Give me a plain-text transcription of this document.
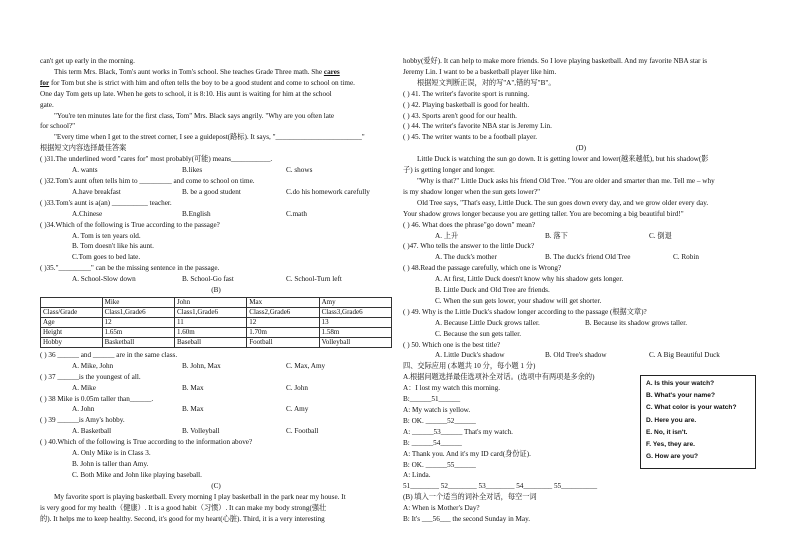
can't get up early in the morning.
This term Mrs. Black, Tom's aunt works in Tom's school. She teaches Grade Three math. She cares
for for Tom but she is strict with him and often tells the boy to be a good student and come to school on time.
One day Tom gets up late. When he gets to school, it is 8:10. His aunt is waiting for him at the school
gate.
"You're ten minutes late for the first class, Tom" Mrs. Black says angrily. "Why are you often late
for school?"
"Every time when I get to the street corner, I see a guidepost(路标). It says, "________________________"
根据短文内容选择最佳答案
( )31.The underlined word "cares for" most probably(可能) means___________.
A. wants	B.likes	C. shows
( )32.Tom's aunt often tells him to _________ and come to school on time.
A.have breakfast	B. be a good student	C.do his homework carefully
( )33.Tom's aunt is a(an) __________ teacher.
A.Chinese	B.English	C.math
( )34.Which of the following is True according to the passage?
A. Tom is ten years old.
B. Tom doesn't like his aunt.
C.Tom goes to bed late.
( )35."_________" can be the missing sentence in the passage.
A. School-Slow down	B. School-Go fast	C. School-Turn left
(B)
	Mike	John	Max	Amy
Class/Grade	Class1,Grade6	Class1,Grade6	Class2,Grade6	Class3,Grade6
Age	12	11	12	13
Height	1.65m	1.60m	1.70m	1.58m
Hobby	Basketball	Baseball	Football	Volleyball
( ) 36 ______ and ______ are in the same class.
A. Mike, John	B. John, Max	C. Max, Amy
( ) 37 ______is the youngest of all.
A. Mike	B. Max	C. John
( ) 38 Mike is 0.05m taller than______.
A. John	B. Max	C. Amy
( ) 39 ______is Amy's hobby.
A. Basketball	B. Volleyball	C. Football
( ) 40.Which of the following is True according to the information above?
A. Only Mike is in Class 3.
B. John is taller than Amy.
C. Both Mike and John like playing baseball.
(C)
My favorite sport is playing basketball. Every morning I play basketball in the park near my house. It
is very good for my health（健康）. It is a good habit（习惯）. It can make my body strong(强壮
的). It helps me to keep healthy. Second, it's good for my heart(心脏). Third, it is a very interesting
hobby(爱好). It can help to make more friends. So I love playing basketball. And my favorite NBA star is
Jeremy Lin. I want to be a basketball player like him.
根据短文判断正误，对的写"A",错的写"B"。
( ) 41. The writer's favorite sport is running.
( ) 42. Playing basketball is good for health.
( ) 43. Sports aren't good for our health.
( ) 44. The writer's favorite NBA star is Jeremy Lin.
( ) 45. The writer wants to be a football player.
(D)
Little Duck is watching the sun go down. It is getting lower and lower(越来越低), but his shadow(影
子) is getting longer and longer.
"Why is that?" Little Duck asks his friend Old Tree. "You are older and smarter than me. Tell me – why
is my shadow longer when the sun gets lower?"
Old Tree says, "That's easy, Little Duck. The sun goes down every day, and we grow older every day.
Your shadow grows longer because you are getting taller. You are becoming a big beautiful bird!"
( ) 46. What does the phrase"go down" mean?
A. 上升	B. 落下	C. 倒退
( )47. Who tells the answer to the little Duck?
A. The duck's mother	B. The duck's friend Old Tree	C. Robin
( ) 48.Read the passage carefully, which one is Wrong?
A. At first, Little Duck doesn't know why his shadow gets longer.
B. Little Duck and Old Tree are friends.
C. When the sun gets lower, your shadow will get shorter.
( ) 49. Why is the Little Duck's shadow longer according to the passage (根据文章)?
A. Because Little Duck grows taller.	B. Because its shadow grows taller.
C. Because the sun gets taller.
( ) 50. Which one is the best title?
A. Little Duck's shadow	B. Old Tree's shadow	C. A Big Beautiful Duck
四、交际应用 (本题共 10 分，每小题 1 分)
A.根据问题选择最佳选项补全对话。(选项中有两项是多余的)
A：I lost my watch this morning.
B:______51______
A: My watch is yellow.
B: OK. ______52______
A: ______53______ That's my watch.
B: ______54______
A: Thank you. And it's my ID card(身份证).
B: OK. ______55______
A: Linda.
51________ 52________ 53________ 54________ 55__________
(B) 填入一个适当的词补全对话，每空一词
A: When is Mother's Day?
B: It's ___56___ the second Sunday in May.
A. Is this your watch?
B. What's your name?
C. What color is your watch?
D. Here you are.
E. No, it isn't.
F. Yes, they are.
G. How are you?
